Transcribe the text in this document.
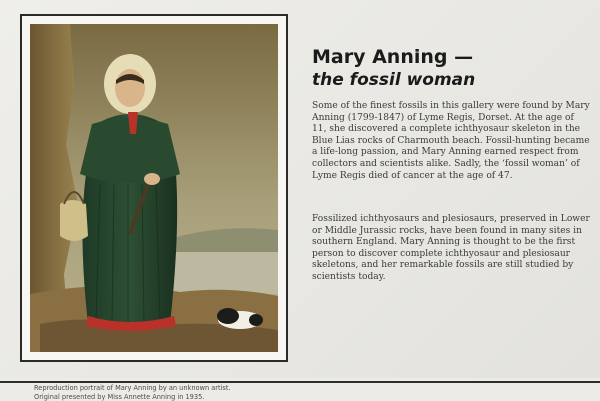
Mary Anning —
the fossil woman

Some of the finest fossils in this gallery were found by Mary Anning (1799-1847) of Lyme Regis, Dorset. At the age of 11, she discovered a complete ichthyosaur skeleton in the Blue Lias rocks of Charmouth beach. Fossil-hunting became a life-long passion, and Mary Anning earned respect from collectors and scientists alike. Sadly, the ‘fossil woman’ of Lyme Regis died of cancer at the age of 47.

Fossilized ichthyosaurs and plesiosaurs, preserved in Lower or Middle Jurassic rocks, have been found in many sites in southern England. Mary Anning is thought to be the first person to discover complete ichthyosaur and plesiosaur skeletons, and her remarkable fossils are still studied by scientists today.

Reproduction portrait of Mary Anning by an unknown artist.
Original presented by Miss Annette Anning in 1935.
